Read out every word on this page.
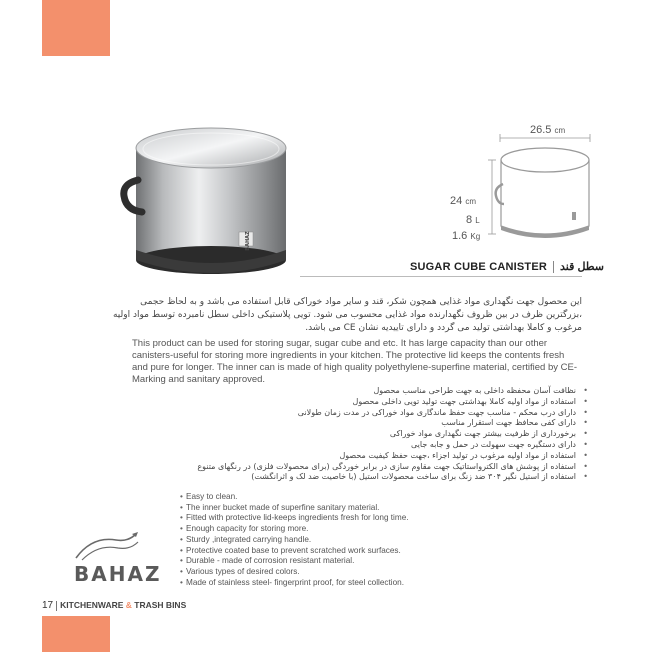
BAHAZ
26.5 cm
24 cm
8 L
1.6 Kg
SUGAR CUBE CANISTER سطل قند
این محصول جهت نگهداری مواد غذایی همچون شکر، قند و سایر مواد خوراکی قابل استفاده می باشد و به لحاظ حجمی ،بزرگترین ظرف در بین ظروف نگهدارنده مواد غذایی محسوب می شود. تویی پلاستیکی داخلی سطل نامبرده توسط مواد اولیه مرغوب و کاملا بهداشتی تولید می گردد و دارای تاییدیه نشان CE می باشد.
This product can be used for storing sugar, sugar cube and etc. It has large capacity than our other canisters-useful for storing more ingredients in your kitchen. The protective lid keeps the contents fresh and pure for longer. The inner can is made of high quality polyethylene-superfine material, certified by CE-Marking and sanitary approved.
نظافت آسان محفظه داخلی به جهت طراحی مناسب محصول •
استفاده از مواد اولیه کاملا بهداشتی جهت تولید تویی داخلی محصول •
دارای درب محکم - مناسب جهت حفظ ماندگاری مواد خوراکی در مدت زمان طولانی •
دارای کفی محافظ جهت استقرار مناسب •
برخورداری از ظرفیت بیشتر جهت نگهداری مواد خوراکی •
دارای دستگیره جهت سهولت در حمل و جابه جایی •
استفاده از مواد اولیه مرغوب در تولید اجزاء ،جهت حفظ کیفیت محصول •
استفاده از پوشش های الکترواستاتیک جهت مقاوم سازی در برابر خوردگی (برای محصولات فلزی) در رنگهای متنوع •
استفاده از استیل نگیر ۳۰۴ ضد زنگ برای ساخت محصولات استیل (با خاصیت ضد لک و اثرانگشت) •
• Easy to clean.
• The inner bucket made of superfine sanitary material.
• Fitted with protective lid-keeps ingredients fresh for long time.
• Enough capacity for storing more.
• Sturdy ,integrated carrying handle.
• Protective coated base to prevent scratched work surfaces.
• Durable - made of corrosion resistant material.
• Various types of desired colors.
• Made of stainless steel- fingerprint proof, for steel collection.
BAHAZ
17 KITCHENWARE & TRASH BINS
